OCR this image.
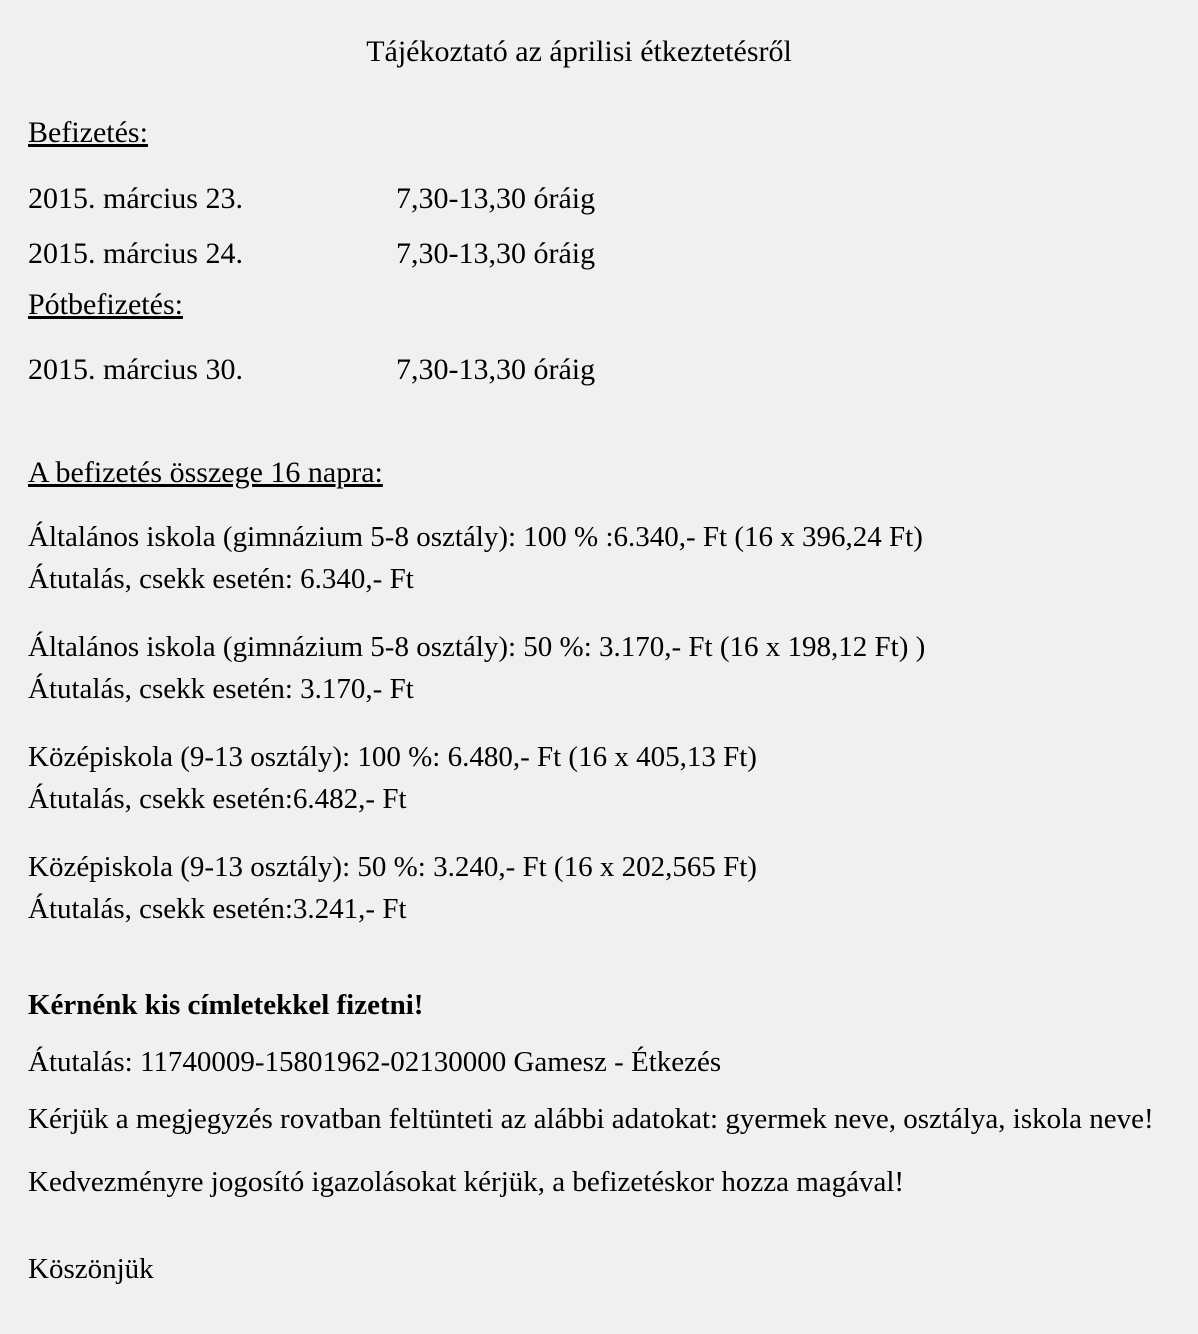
Tájékoztató az áprilisi étkeztetésről
Befizetés:
2015. március 23.	7,30-13,30 óráig
2015. március 24.	7,30-13,30 óráig
Pótbefizetés:
2015. március 30.	7,30-13,30 óráig
A befizetés összege 16 napra:
Általános iskola (gimnázium 5-8 osztály): 100 % :6.340,- Ft (16 x 396,24 Ft)
Átutalás, csekk esetén: 6.340,- Ft
Általános iskola (gimnázium 5-8 osztály): 50 %: 3.170,- Ft (16 x 198,12 Ft) )
Átutalás, csekk esetén: 3.170,- Ft
Középiskola (9-13 osztály): 100 %: 6.480,- Ft (16 x 405,13 Ft)
Átutalás, csekk esetén:6.482,- Ft
Középiskola (9-13 osztály): 50 %: 3.240,- Ft (16 x 202,565 Ft)
Átutalás, csekk esetén:3.241,- Ft
Kérnénk kis címletekkel fizetni!
Átutalás: 11740009-15801962-02130000 Gamesz - Étkezés
Kérjük a megjegyzés rovatban feltünteti az alábbi adatokat: gyermek neve, osztálya, iskola neve!
Kedvezményre jogosító igazolásokat kérjük, a befizetéskor hozza magával!
Köszönjük
